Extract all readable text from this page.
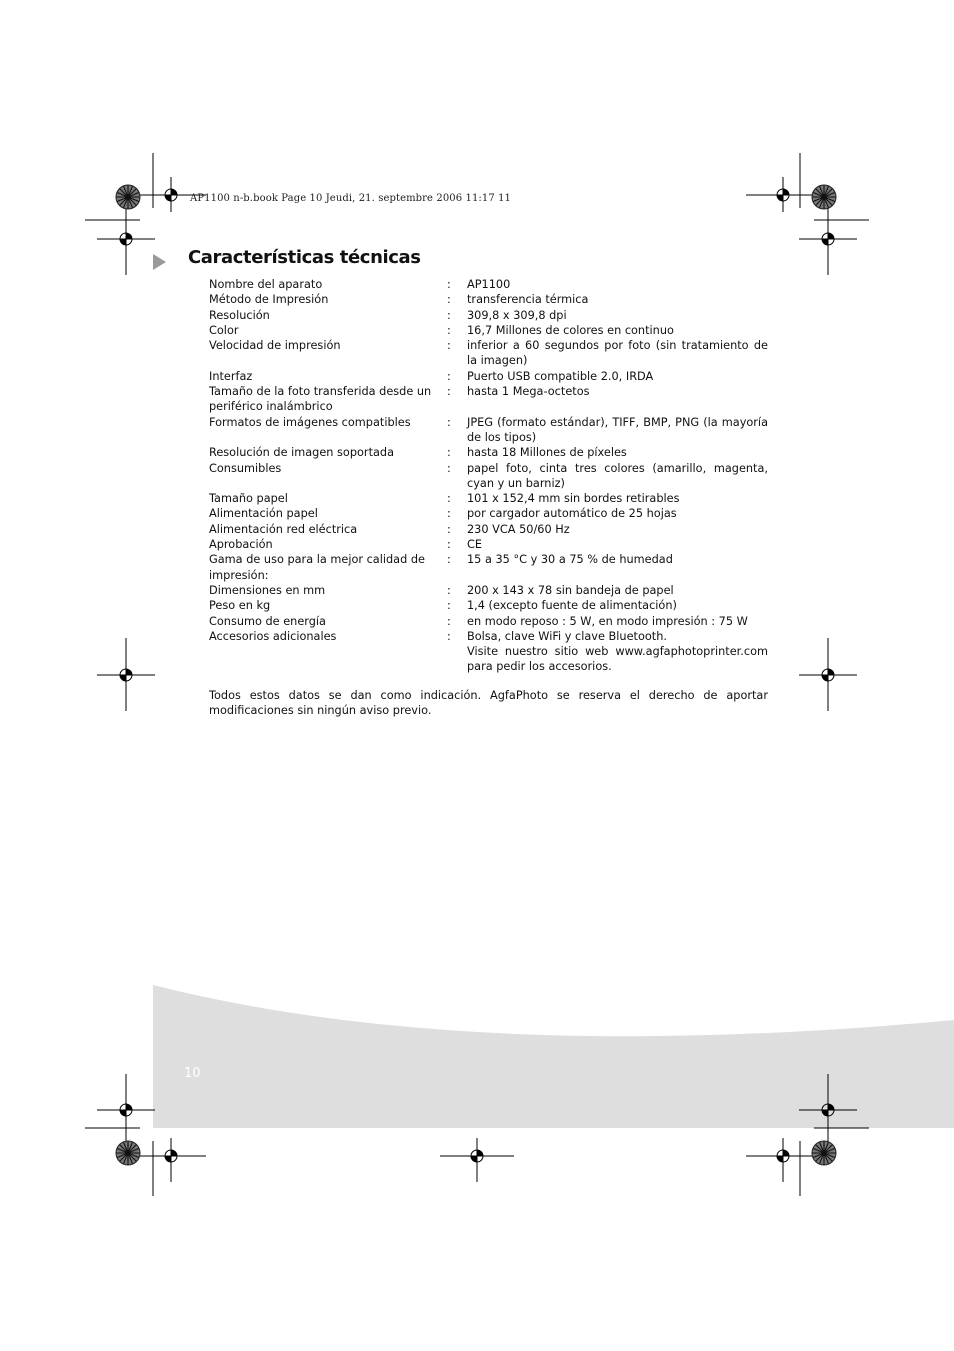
AP1100 n-b.book Page 10 Jeudi, 21. septembre 2006 11:17 11
Características técnicas
Nombre del aparato	:	AP1100
Método de Impresión	:	transferencia térmica
Resolución	:	309,8 x 309,8 dpi
Color	:	16,7 Millones de colores en continuo
Velocidad de impresión	:	inferior a 60 segundos por foto (sin tratamiento de la imagen)
Interfaz	:	Puerto USB compatible 2.0, IRDA
Tamaño de la foto transferida desde un periférico inalámbrico	:	hasta 1 Mega-octetos
Formatos de imágenes compatibles	:	JPEG (formato estándar), TIFF, BMP, PNG (la mayoría de los tipos)
Resolución de imagen soportada	:	hasta 18 Millones de píxeles
Consumibles	:	papel foto, cinta tres colores (amarillo, magenta, cyan y un barniz)
Tamaño papel	:	101 x 152,4 mm sin bordes retirables
Alimentación papel	:	por cargador automático de 25 hojas
Alimentación red eléctrica	:	230 VCA 50/60 Hz
Aprobación	:	CE
Gama de uso para la mejor calidad de impresión:	:	15 a 35 °C y 30 a 75 % de humedad
Dimensiones en mm	:	200 x 143 x 78 sin bandeja de papel
Peso en kg	:	1,4 (excepto fuente de alimentación)
Consumo de energía	:	en modo reposo : 5 W, en modo impresión : 75 W
Accesorios adicionales	:	Bolsa, clave WiFi y clave Bluetooth.
Visite nuestro sitio web www.agfaphotoprinter.com para pedir los accesorios.

Todos estos datos se dan como indicación. AgfaPhoto se reserva el derecho de aportar modificaciones sin ningún aviso previo.

10
